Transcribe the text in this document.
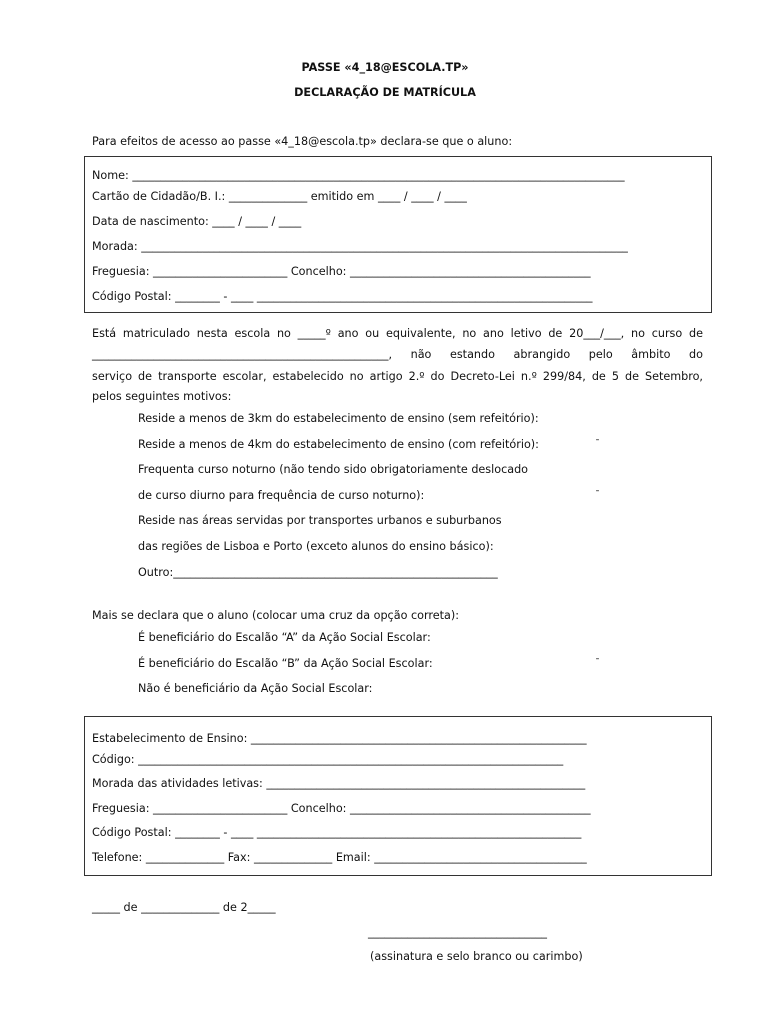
PASSE «4_18@ESCOLA.TP»
DECLARAÇÃO DE MATRÍCULA
Para efeitos de acesso ao passe «4_18@escola.tp» declara-se que o aluno:
Nome: ________________________________________________________________________________________
Cartão de Cidadão/B. I.: ______________ emitido em ____ / ____ / ____
Data de nascimento: ____ / ____ / ____
Morada: _______________________________________________________________________________________
Freguesia: ________________________ Concelho: ___________________________________________
Código Postal: ________ - ____ ____________________________________________________________
Está matriculado nesta escola no _____º ano ou equivalente, no ano letivo de 20___/___, no curso de
_____________________________________________________, não estando abrangido pelo âmbito do
serviço de transporte escolar, estabelecido no artigo 2.º do Decreto-Lei n.º 299/84, de 5 de Setembro,
pelos seguintes motivos:
Reside a menos de 3km do estabelecimento de ensino (sem refeitório):
Reside a menos de 4km do estabelecimento de ensino (com refeitório):	¯
Frequenta curso noturno (não tendo sido obrigatoriamente deslocado
de curso diurno para frequência de curso noturno):	¯
Reside nas áreas servidas por transportes urbanos e suburbanos
das regiões de Lisboa e Porto (exceto alunos do ensino básico):
Outro:__________________________________________________________
Mais se declara que o aluno (colocar uma cruz da opção correta):
É beneficiário do Escalão “A” da Ação Social Escolar:
É beneficiário do Escalão “B” da Ação Social Escolar:	¯
Não é beneficiário da Ação Social Escolar:
Estabelecimento de Ensino: ____________________________________________________________
Código: ____________________________________________________________________________
Morada das atividades letivas: _________________________________________________________
Freguesia: ________________________ Concelho: ___________________________________________
Código Postal: ________ - ____ __________________________________________________________
Telefone: ______________ Fax: ______________ Email: ______________________________________
_____ de ______________ de 2_____
________________________________
(assinatura e selo branco ou carimbo)
